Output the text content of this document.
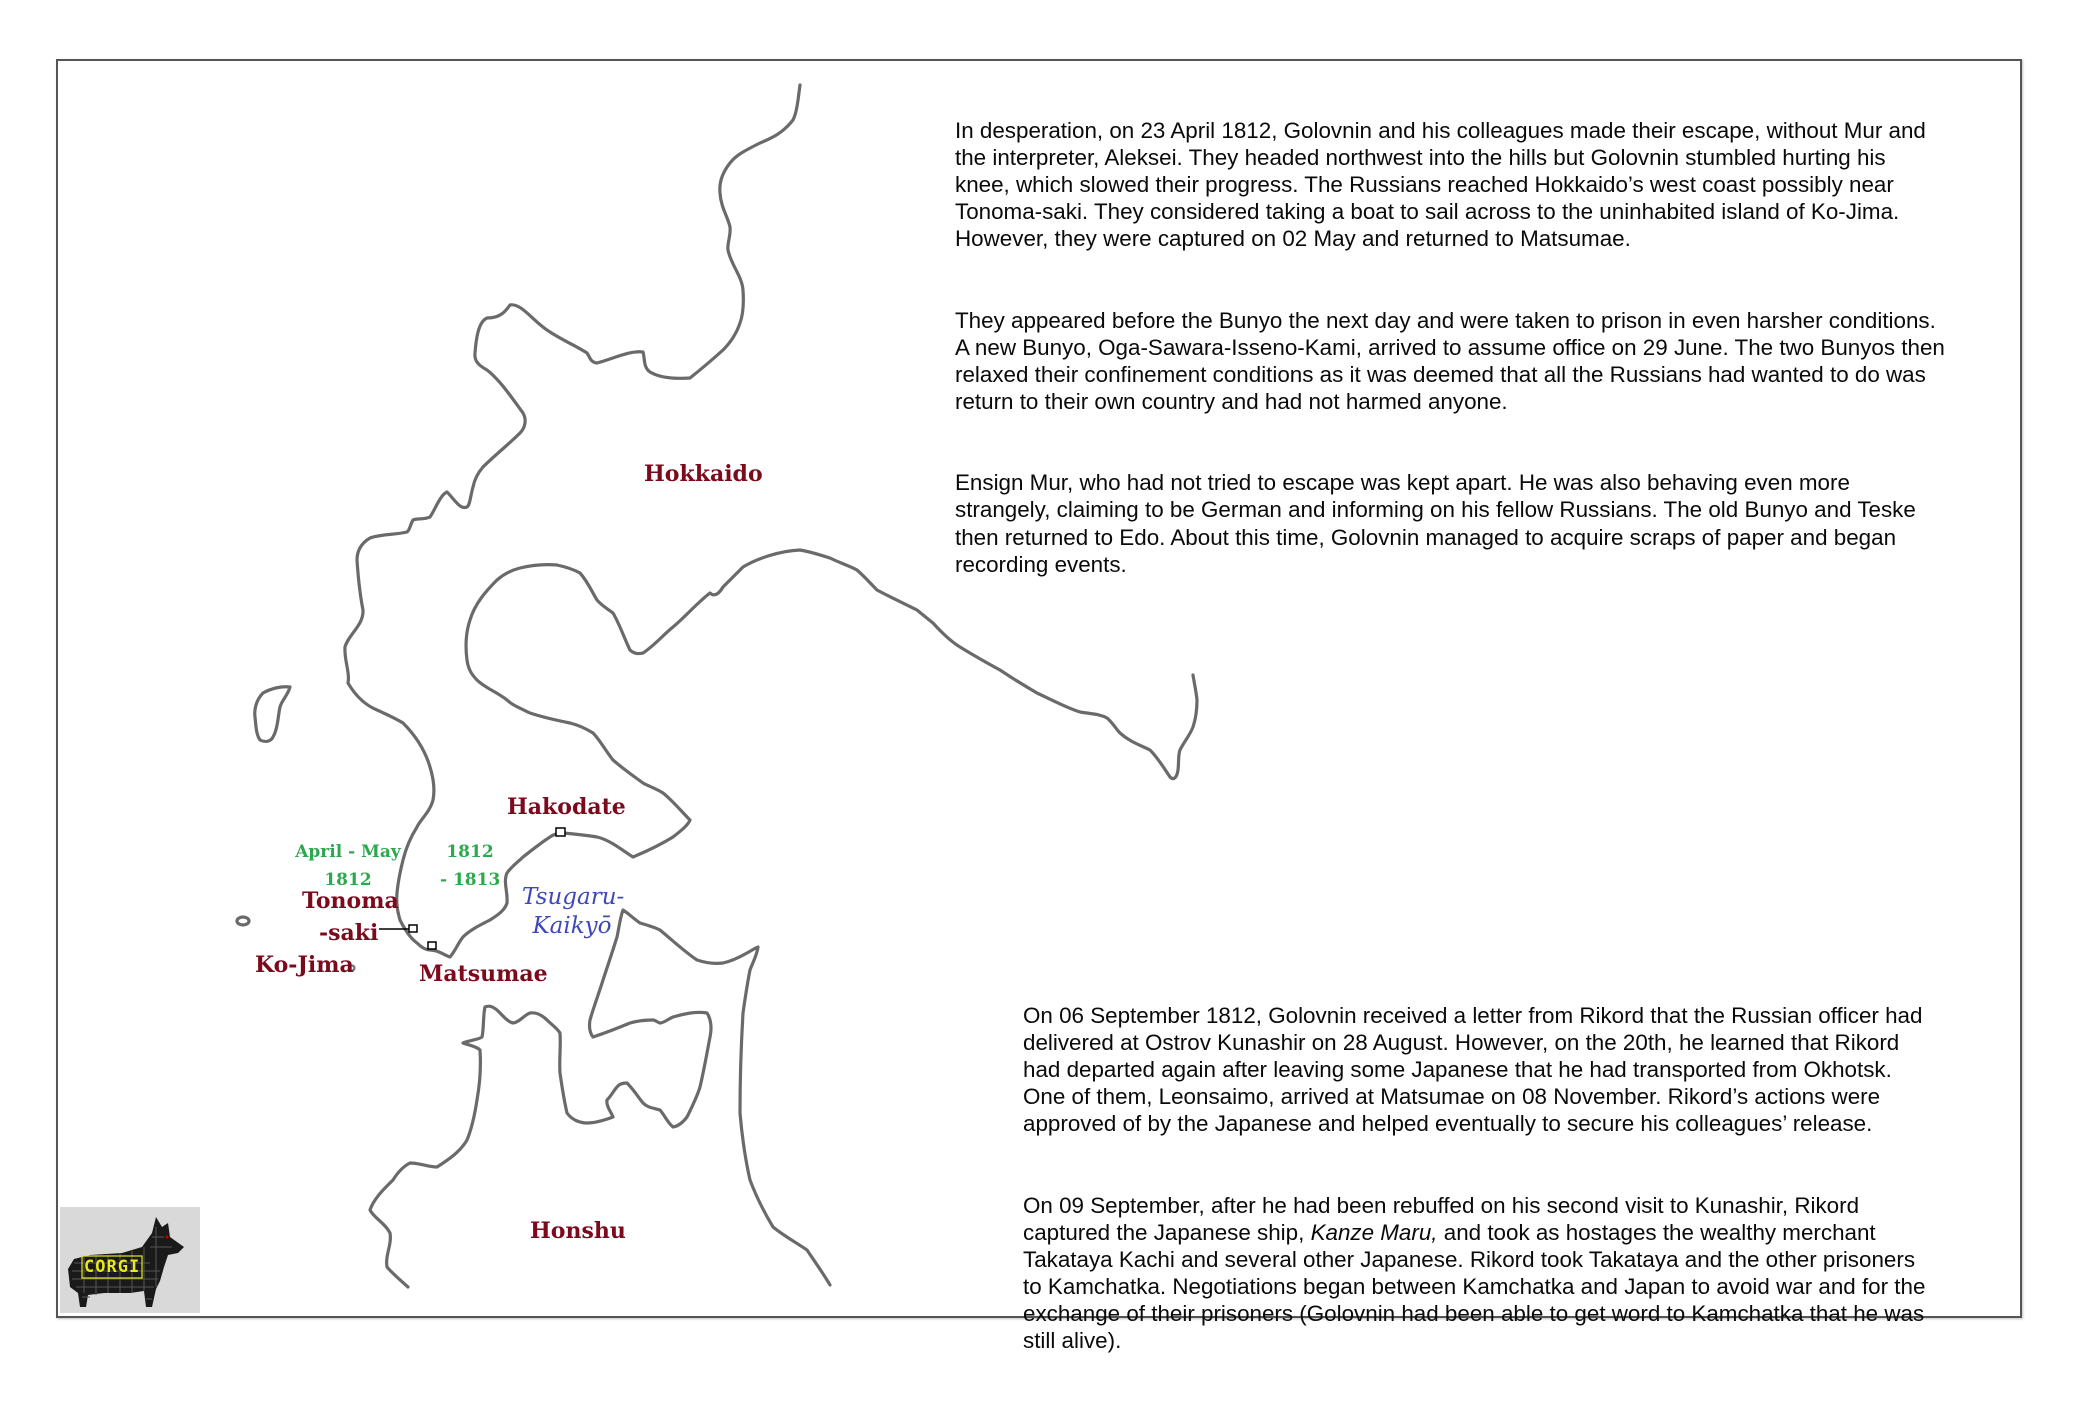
Hokkaido
Hakodate
April - May
1812
1812
- 1813
Tonoma
-saki
Ko-Jima	Matsumae
Tsugaru-
Kaikyō
Honshu

In desperation, on 23 April 1812, Golovnin and his colleagues made their escape, without Mur and
the interpreter, Aleksei. They headed northwest into the hills but Golovnin stumbled hurting his
knee, which slowed their progress. The Russians reached Hokkaido’s west coast possibly near
Tonoma-saki. They considered taking a boat to sail across to the uninhabited island of Ko-Jima.
However, they were captured on 02 May and returned to Matsumae.

They appeared before the Bunyo the next day and were taken to prison in even harsher conditions.
A new Bunyo, Oga-Sawara-Isseno-Kami, arrived to assume office on 29 June. The two Bunyos then
relaxed their confinement conditions as it was deemed that all the Russians had wanted to do was
return to their own country and had not harmed anyone.

Ensign Mur, who had not tried to escape was kept apart. He was also behaving even more
strangely, claiming to be German and informing on his fellow Russians. The old Bunyo and Teske
then returned to Edo. About this time, Golovnin managed to acquire scraps of paper and began
recording events.

On 06 September 1812, Golovnin received a letter from Rikord that the Russian officer had
delivered at Ostrov Kunashir on 28 August. However, on the 20th, he learned that Rikord
had departed again after leaving some Japanese that he had transported from Okhotsk.
One of them, Leonsaimo, arrived at Matsumae on 08 November. Rikord’s actions were
approved of by the Japanese and helped eventually to secure his colleagues’ release.

On 09 September, after he had been rebuffed on his second visit to Kunashir, Rikord
captured the Japanese ship, Kanze Maru, and took as hostages the wealthy merchant
Takataya Kachi and several other Japanese. Rikord took Takataya and the other prisoners
to Kamchatka. Negotiations began between Kamchatka and Japan to avoid war and for the
exchange of their prisoners (Golovnin had been able to get word to Kamchatka that he was
still alive).

CORGI
